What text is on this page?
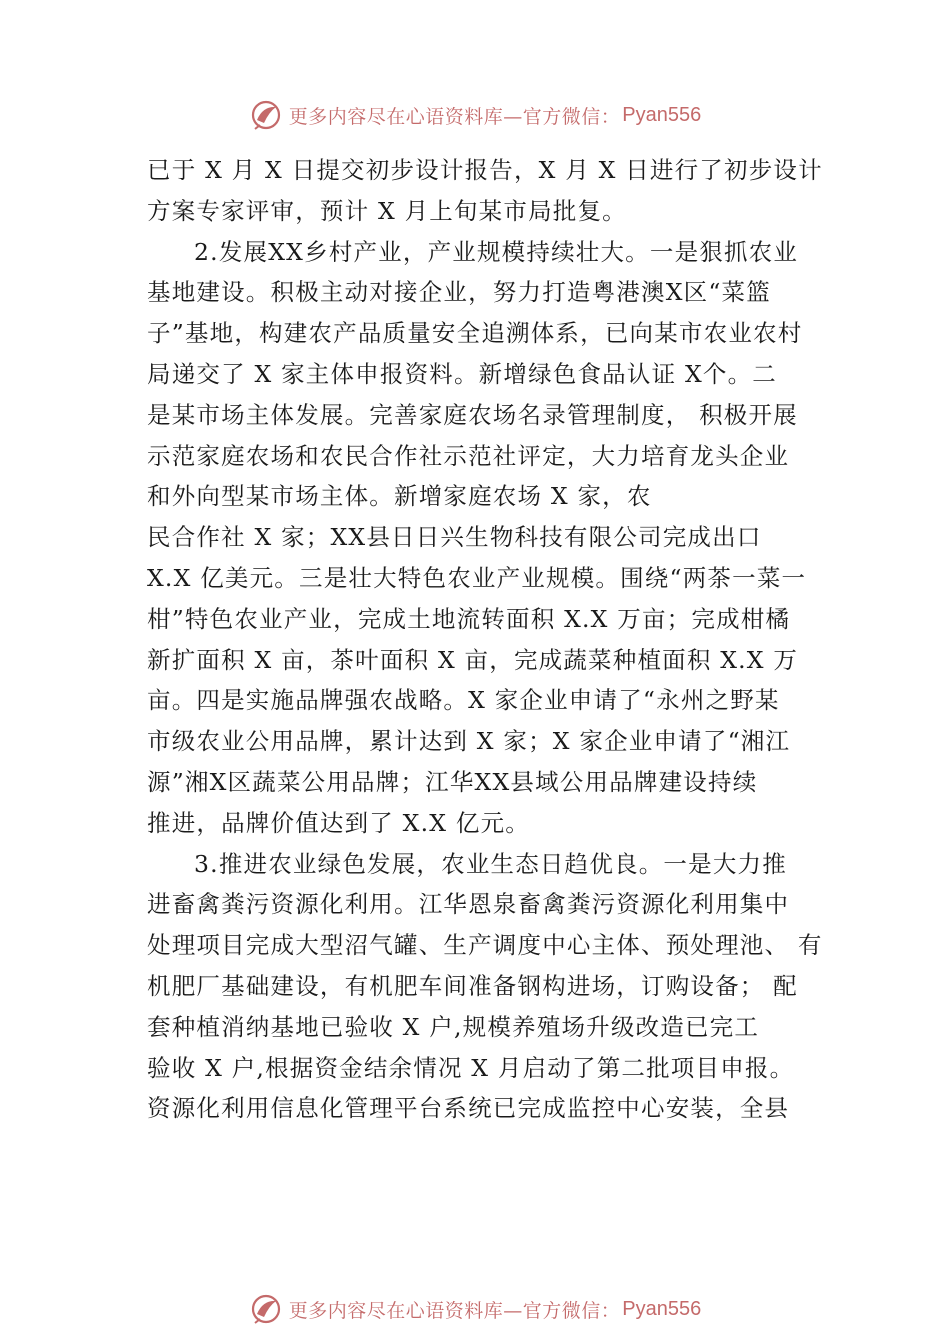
更多内容尽在心语资料库—官方微信： Pyan556
已于 X 月 X 日提交初步设计报告，X 月 X 日进行了初步设计
方案专家评审，预计 X 月上旬某市局批复。
2.发展XX乡村产业，产业规模持续壮大。一是狠抓农业
基地建设。积极主动对接企业，努力打造粤港澳X区“菜篮
子”基地，构建农产品质量安全追溯体系，已向某市农业农村
局递交了 X 家主体申报资料。新增绿色食品认证 X个。二
是某市场主体发展。完善家庭农场名录管理制度， 积极开展
示范家庭农场和农民合作社示范社评定，大力培育龙头企业
和外向型某市场主体。新增家庭农场 X 家，农
民合作社 X 家；XX县日日兴生物科技有限公司完成出口
X.X 亿美元。三是壮大特色农业产业规模。围绕“两茶一菜一
柑”特色农业产业，完成土地流转面积 X.X 万亩；完成柑橘
新扩面积 X 亩，茶叶面积 X 亩，完成蔬菜种植面积 X.X 万
亩。四是实施品牌强农战略。X 家企业申请了“永州之野某
市级农业公用品牌，累计达到 X 家；X 家企业申请了“湘江
源”湘X区蔬菜公用品牌；江华XX县域公用品牌建设持续
推进，品牌价值达到了 X.X 亿元。
3.推进农业绿色发展，农业生态日趋优良。一是大力推
进畜禽粪污资源化利用。江华恩泉畜禽粪污资源化利用集中
处理项目完成大型沼气罐、生产调度中心主体、预处理池、 有
机肥厂基础建设，有机肥车间准备钢构进场，订购设备； 配
套种植消纳基地已验收 X 户,规模养殖场升级改造已完工
验收 X 户,根据资金结余情况 X 月启动了第二批项目申报。
资源化利用信息化管理平台系统已完成监控中心安装，全县
更多内容尽在心语资料库—官方微信： Pyan556
